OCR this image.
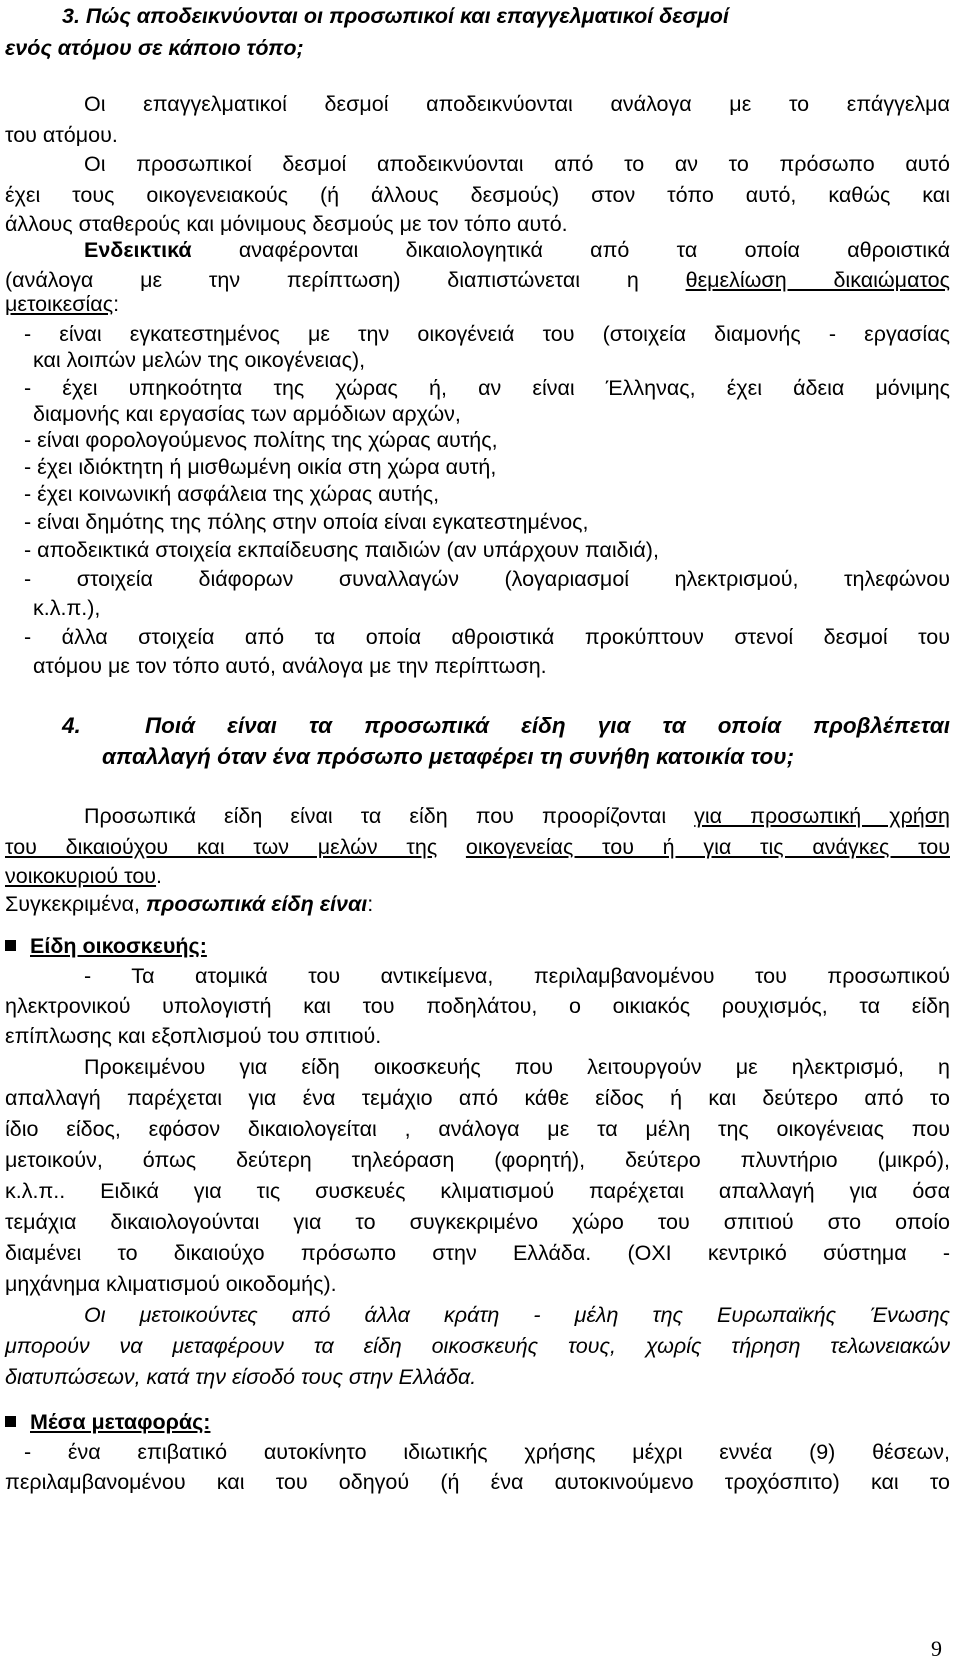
3. Πώς αποδεικνύονται οι προσωπικοί και επαγγελματικοί δεσμοί
ενός ατόμου σε κάποιο τόπο;
Οι επαγγελματικοί δεσμοί αποδεικνύονται ανάλογα με το επάγγελμα
του ατόμου.
Οι προσωπικοί δεσμοί αποδεικνύονται από το αν το πρόσωπο αυτό
έχει τους οικογενειακούς (ή άλλους δεσμούς) στον τόπο αυτό, καθώς και
άλλους σταθερούς και μόνιμους δεσμούς με τον τόπο αυτό.
Ενδεικτικά αναφέρονται δικαιολογητικά από τα οποία αθροιστικά
(ανάλογα με την περίπτωση) διαπιστώνεται η θεμελίωση δικαιώματος
μετοικεσίας:
- είναι εγκατεστημένος με την οικογένειά του (στοιχεία διαμονής - εργασίας
και λοιπών μελών της οικογένειας),
- έχει υπηκοότητα της χώρας ή, αν είναι Έλληνας, έχει άδεια μόνιμης
διαμονής και εργασίας των αρμόδιων αρχών,
- είναι φορολογούμενος πολίτης της χώρας αυτής,
- έχει ιδιόκτητη ή μισθωμένη οικία στη χώρα αυτή,
- έχει κοινωνική ασφάλεια της χώρας αυτής,
- είναι δημότης της πόλης στην οποία είναι εγκατεστημένος,
- αποδεικτικά στοιχεία εκπαίδευσης παιδιών (αν υπάρχουν παιδιά),
- στοιχεία διάφορων συναλλαγών (λογαριασμοί ηλεκτρισμού, τηλεφώνου
κ.λ.π.),
- άλλα στοιχεία από τα οποία αθροιστικά προκύπτουν στενοί δεσμοί του
ατόμου με τον τόπο αυτό, ανάλογα με την περίπτωση.
4.	Ποιά είναι τα προσωπικά είδη για τα οποία προβλέπεται
απαλλαγή όταν ένα πρόσωπο μεταφέρει τη συνήθη κατοικία του;
Προσωπικά είδη είναι τα είδη που προορίζονται για προσωπική χρήση
του δικαιούχου και των μελών της οικογενείας του ή για τις ανάγκες του
νοικοκυριού του.
Συγκεκριμένα, προσωπικά είδη είναι:
Είδη οικοσκευής:
- Τα ατομικά του αντικείμενα, περιλαμβανομένου του προσωπικού
ηλεκτρονικού υπολογιστή και του ποδηλάτου, ο οικιακός ρουχισμός, τα είδη
επίπλωσης και εξοπλισμού του σπιτιού.
Προκειμένου για είδη οικοσκευής που λειτουργούν με ηλεκτρισμό, η
απαλλαγή παρέχεται για ένα τεμάχιο από κάθε είδος ή και δεύτερο από το
ίδιο είδος, εφόσον δικαιολογείται , ανάλογα με τα μέλη της οικογένειας που
μετοικούν, όπως δεύτερη τηλεόραση (φορητή), δεύτερο πλυντήριο (μικρό),
κ.λ.π.. Ειδικά για τις συσκευές κλιματισμού παρέχεται απαλλαγή για όσα
τεμάχια δικαιολογούνται για το συγκεκριμένο χώρο του σπιτιού στο οποίο
διαμένει το δικαιούχο πρόσωπο στην Ελλάδα. (ΟΧΙ κεντρικό σύστημα -
μηχάνημα κλιματισμού οικοδομής).
Οι μετοικούντες από άλλα κράτη - μέλη της Ευρωπαϊκής Ένωσης
μπορούν να μεταφέρουν τα είδη οικοσκευής τους, χωρίς τήρηση τελωνειακών
διατυπώσεων, κατά την είσοδό τους στην Ελλάδα.
Μέσα μεταφοράς:
- ένα επιβατικό αυτοκίνητο ιδιωτικής χρήσης μέχρι εννέα (9) θέσεων,
περιλαμβανομένου και του οδηγού (ή ένα αυτοκινούμενο τροχόσπιτο) και το
9
